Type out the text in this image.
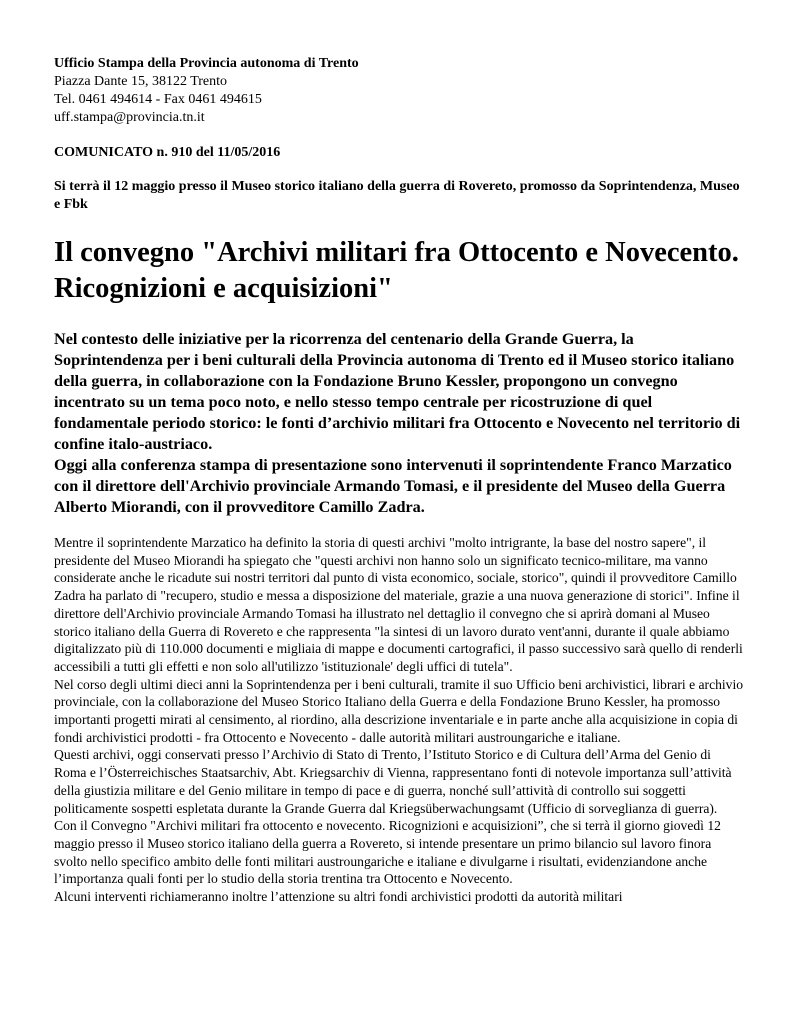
Ufficio Stampa della Provincia autonoma di Trento
Piazza Dante 15, 38122 Trento
Tel. 0461 494614 - Fax 0461 494615
uff.stampa@provincia.tn.it
COMUNICATO n. 910 del 11/05/2016
Si terrà il 12 maggio presso il Museo storico italiano della guerra di Rovereto, promosso da Soprintendenza, Museo e Fbk
Il convegno "Archivi militari fra Ottocento e Novecento. Ricognizioni e acquisizioni"

Nel contesto delle iniziative per la ricorrenza del centenario della Grande Guerra, la Soprintendenza per i beni culturali della Provincia autonoma di Trento ed il Museo storico italiano della guerra, in collaborazione con la Fondazione Bruno Kessler, propongono un convegno incentrato su un tema poco noto, e nello stesso tempo centrale per ricostruzione di quel fondamentale periodo storico: le fonti d’archivio militari fra Ottocento e Novecento nel territorio di confine italo-austriaco.

Oggi alla conferenza stampa di presentazione sono intervenuti il soprintendente Franco Marzatico con il direttore dell'Archivio provinciale Armando Tomasi, e il presidente del Museo della Guerra Alberto Miorandi, con il provveditore Camillo Zadra.

Mentre il soprintendente Marzatico ha definito la storia di questi archivi "molto intrigrante, la base del nostro sapere", il presidente del Museo Miorandi ha spiegato che "questi archivi non hanno solo un significato tecnico-militare, ma vanno considerate anche le ricadute sui nostri territori dal punto di vista economico, sociale, storico", quindi il provveditore Camillo Zadra ha parlato di "recupero, studio e messa a disposizione del materiale, grazie a una nuova generazione di storici". Infine il direttore dell'Archivio provinciale Armando Tomasi ha illustrato nel dettaglio il convegno che si aprirà domani al Museo storico italiano della Guerra di Rovereto e che rappresenta "la sintesi di un lavoro durato vent'anni, durante il quale abbiamo digitalizzato più di 110.000 documenti e migliaia di mappe e documenti cartografici, il passo successivo sarà quello di renderli accessibili a tutti gli effetti e non solo all'utilizzo 'istituzionale' degli uffici di tutela".

Nel corso degli ultimi dieci anni la Soprintendenza per i beni culturali, tramite il suo Ufficio beni archivistici, librari e archivio provinciale, con la collaborazione del Museo Storico Italiano della Guerra e della Fondazione Bruno Kessler, ha promosso importanti progetti mirati al censimento, al riordino, alla descrizione inventariale e in parte anche alla acquisizione in copia di fondi archivistici prodotti - fra Ottocento e Novecento - dalle autorità militari austroungariche e italiane.

Questi archivi, oggi conservati presso l’Archivio di Stato di Trento, l’Istituto Storico e di Cultura dell’Arma del Genio di Roma e l’Österreichisches Staatsarchiv, Abt. Kriegsarchiv di Vienna, rappresentano fonti di notevole importanza sull’attività della giustizia militare e del Genio militare in tempo di pace e di guerra, nonché sull’attività di controllo sui soggetti politicamente sospetti espletata durante la Grande Guerra dal Kriegsüberwachungsamt (Ufficio di sorveglianza di guerra).

Con il Convegno "Archivi militari fra ottocento e novecento. Ricognizioni e acquisizioni”, che si terrà il giorno giovedì 12 maggio presso il Museo storico italiano della guerra a Rovereto, si intende presentare un primo bilancio sul lavoro finora svolto nello specifico ambito delle fonti militari austroungariche e italiane e divulgarne i risultati, evidenziandone anche l’importanza quali fonti per lo studio della storia trentina tra Ottocento e Novecento.

Alcuni interventi richiameranno inoltre l’attenzione su altri fondi archivistici prodotti da autorità militari
